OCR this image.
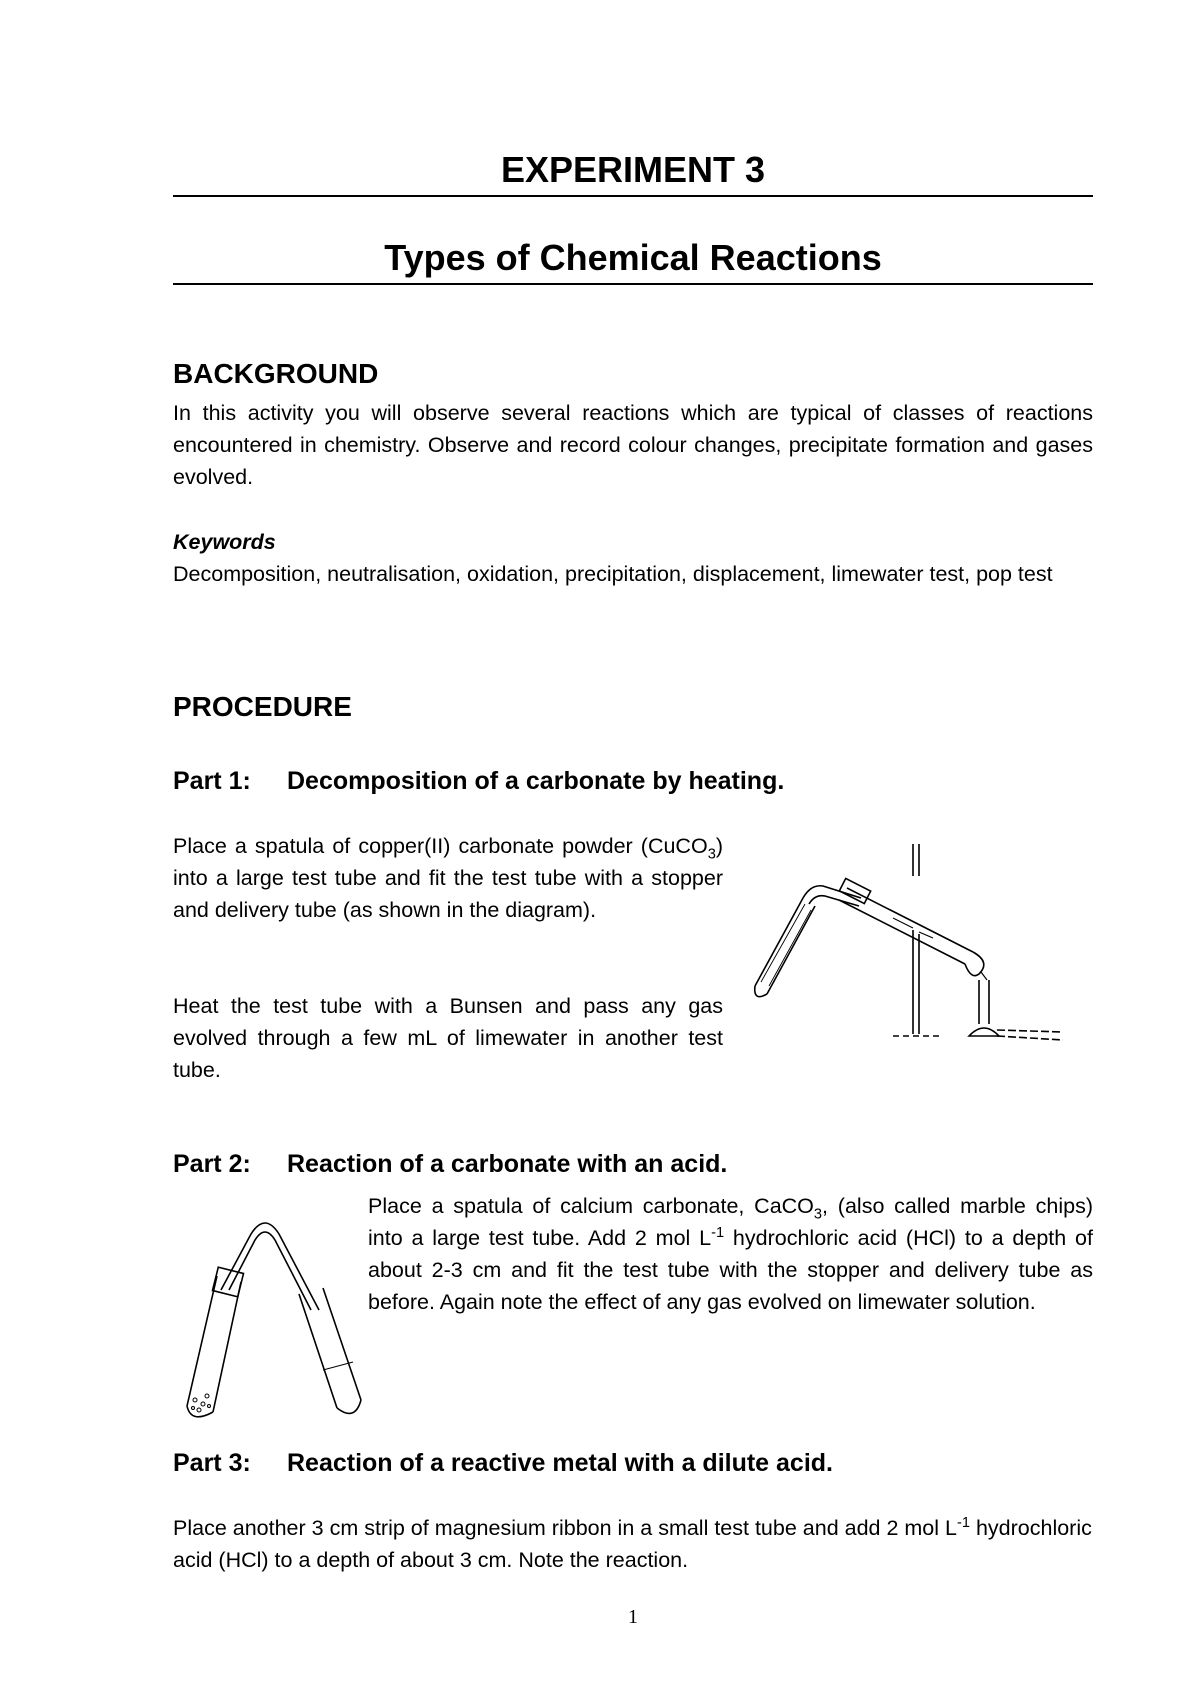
EXPERIMENT 3
Types of Chemical Reactions
BACKGROUND

In this activity you will observe several reactions which are typical of classes of reactions encountered in chemistry. Observe and record colour changes, precipitate formation and gases evolved.

Keywords

Decomposition, neutralisation, oxidation, precipitation, displacement, limewater test, pop test

PROCEDURE
Part 1: Decomposition of a carbonate by heating.

Place a spatula of copper(II) carbonate powder (CuCO$_3$) into a large test tube and fit the test tube with a stopper and delivery tube (as shown in the diagram).

Heat the test tube with a Bunsen and pass any gas evolved through a few mL of limewater in another test tube.

Part 2: Reaction of a carbonate with an acid.

Place a spatula of calcium carbonate, CaCO$_3$, (also called marble chips) into a large test tube. Add 2 mol $L^{-1}$ hydrochloric acid (HCl) to a depth of about 2-3 cm and fit the test tube with the stopper and delivery tube as before. Again note the effect of any gas evolved on limewater solution.

Part 3: Reaction of a reactive metal with a dilute acid.

Place another 3 cm strip of magnesium ribbon in a small test tube and add 2 mol $L^{-1}$ hydrochloric acid (HCl) to a depth of about 3 cm. Note the reaction.

1
